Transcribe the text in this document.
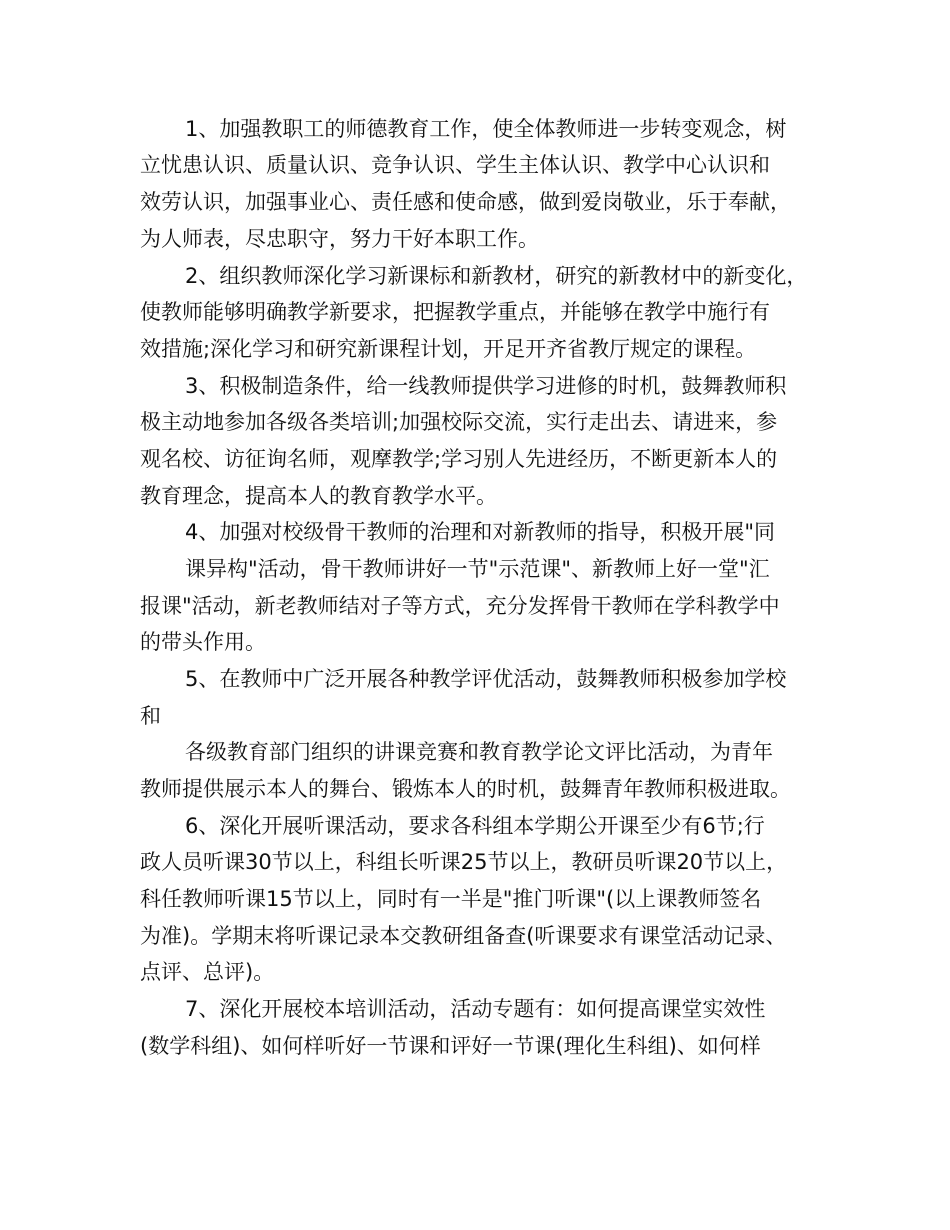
1、加强教职工的师德教育工作，使全体教师进一步转变观念，树
立忧患认识、质量认识、竞争认识、学生主体认识、教学中心认识和
效劳认识，加强事业心、责任感和使命感，做到爱岗敬业，乐于奉献，
为人师表，尽忠职守，努力干好本职工作。
2、组织教师深化学习新课标和新教材，研究的新教材中的新变化，
使教师能够明确教学新要求，把握教学重点，并能够在教学中施行有
效措施;深化学习和研究新课程计划，开足开齐省教厅规定的课程。
3、积极制造条件，给一线教师提供学习进修的时机，鼓舞教师积
极主动地参加各级各类培训;加强校际交流，实行走出去、请进来，参
观名校、访征询名师，观摩教学;学习别人先进经历，不断更新本人的
教育理念，提高本人的教育教学水平。
4、加强对校级骨干教师的治理和对新教师的指导，积极开展"同
课异构"活动，骨干教师讲好一节"示范课"、新教师上好一堂"汇
报课"活动，新老教师结对子等方式，充分发挥骨干教师在学科教学中
的带头作用。
5、在教师中广泛开展各种教学评优活动，鼓舞教师积极参加学校
和
各级教育部门组织的讲课竞赛和教育教学论文评比活动，为青年
教师提供展示本人的舞台、锻炼本人的时机，鼓舞青年教师积极进取。
6、深化开展听课活动，要求各科组本学期公开课至少有6节;行
政人员听课30节以上，科组长听课25节以上，教研员听课20节以上，
科任教师听课15节以上，同时有一半是"推门听课"(以上课教师签名
为准)。学期末将听课记录本交教研组备查(听课要求有课堂活动记录、
点评、总评)。
7、深化开展校本培训活动，活动专题有：如何提高课堂实效性
(数学科组)、如何样听好一节课和评好一节课(理化生科组)、如何样
